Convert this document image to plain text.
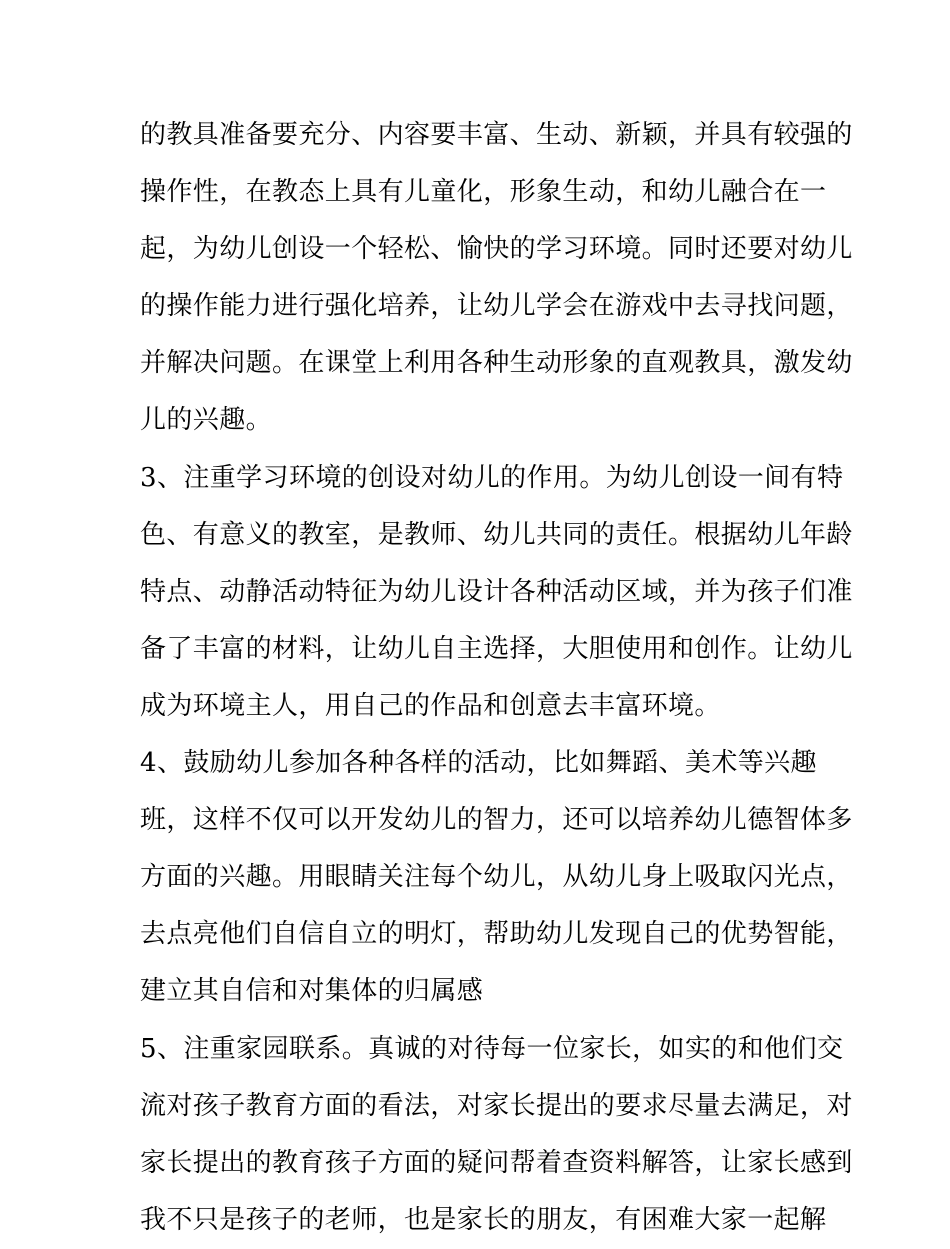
的教具准备要充分、内容要丰富、生动、新颖，并具有较强的
操作性，在教态上具有儿童化，形象生动，和幼儿融合在一
起，为幼儿创设一个轻松、愉快的学习环境。同时还要对幼儿
的操作能力进行强化培养，让幼儿学会在游戏中去寻找问题，
并解决问题。在课堂上利用各种生动形象的直观教具，激发幼
儿的兴趣。
3、注重学习环境的创设对幼儿的作用。为幼儿创设一间有特
色、有意义的教室，是教师、幼儿共同的责任。根据幼儿年龄
特点、动静活动特征为幼儿设计各种活动区域，并为孩子们准
备了丰富的材料，让幼儿自主选择，大胆使用和创作。让幼儿
成为环境主人，用自己的作品和创意去丰富环境。
4、鼓励幼儿参加各种各样的活动，比如舞蹈、美术等兴趣
班，这样不仅可以开发幼儿的智力，还可以培养幼儿德智体多
方面的兴趣。用眼睛关注每个幼儿，从幼儿身上吸取闪光点，
去点亮他们自信自立的明灯，帮助幼儿发现自己的优势智能，
建立其自信和对集体的归属感
5、注重家园联系。真诚的对待每一位家长，如实的和他们交
流对孩子教育方面的看法，对家长提出的要求尽量去满足，对
家长提出的教育孩子方面的疑问帮着查资料解答，让家长感到
我不只是孩子的老师，也是家长的朋友，有困难大家一起解
